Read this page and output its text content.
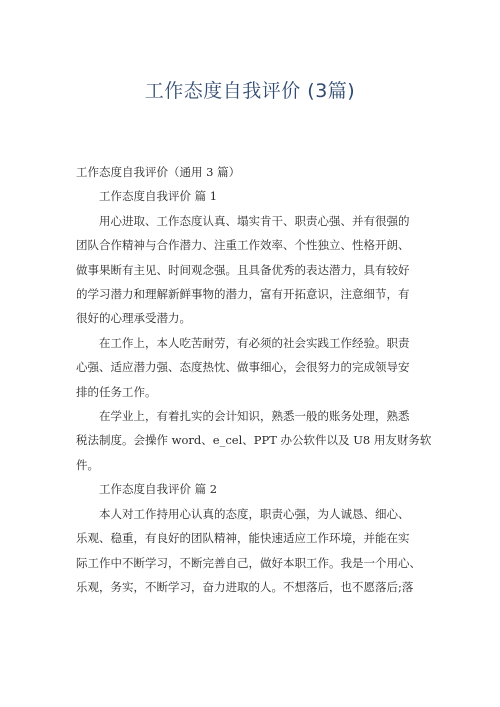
工作态度自我评价 (3篇)
工作态度自我评价（通用 3 篇）
工作态度自我评价 篇 1
用心进取、工作态度认真、塌实肯干、职责心强、并有很强的
团队合作精神与合作潜力、注重工作效率、个性独立、性格开朗、
做事果断有主见、时间观念强。且具备优秀的表达潜力，具有较好
的学习潜力和理解新鲜事物的潜力，富有开拓意识，注意细节，有
很好的心理承受潜力。
在工作上，本人吃苦耐劳，有必须的社会实践工作经验。职责
心强、适应潜力强、态度热忱、做事细心，会很努力的完成领导安
排的任务工作。
在学业上，有着扎实的会计知识，熟悉一般的账务处理，熟悉
税法制度。会操作 word、e_cel、PPT 办公软件以及 U8 用友财务软
件。
工作态度自我评价 篇 2
本人对工作持用心认真的态度，职责心强，为人诚恳、细心、
乐观、稳重，有良好的团队精神，能快速适应工作环境，并能在实
际工作中不断学习，不断完善自己，做好本职工作。我是一个用心、
乐观，务实，不断学习，奋力进取的人。不想落后，也不愿落后;落
